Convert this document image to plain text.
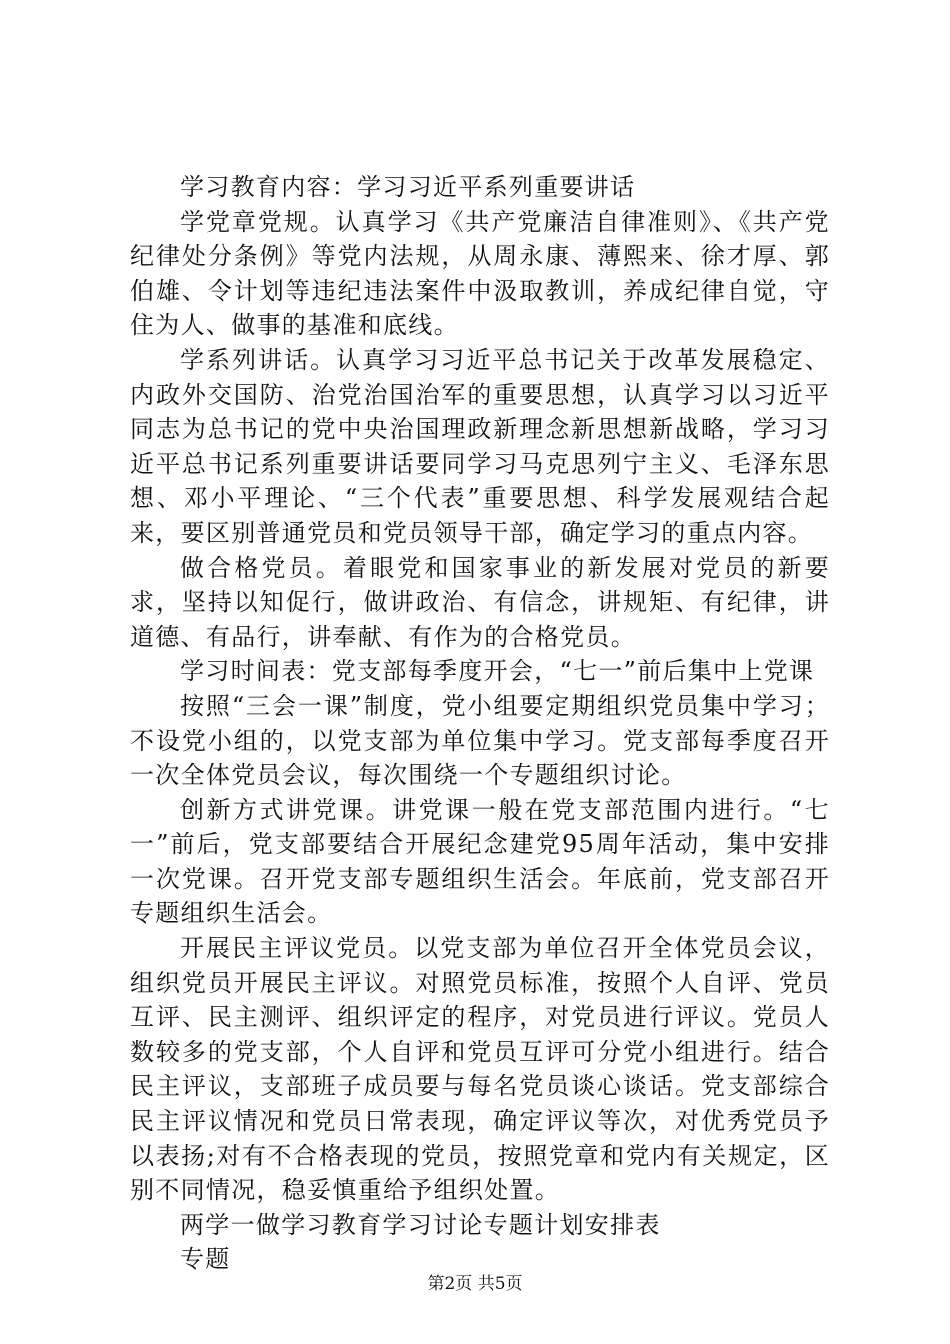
学习教育内容：学习习近平系列重要讲话

学党章党规。认真学习《共产党廉洁自律准则》、《共产党纪律处分条例》等党内法规，从周永康、薄熙来、徐才厚、郭伯雄、令计划等违纪违法案件中汲取教训，养成纪律自觉，守住为人、做事的基准和底线。

学系列讲话。认真学习习近平总书记关于改革发展稳定、内政外交国防、治党治国治军的重要思想，认真学习以习近平同志为总书记的党中央治国理政新理念新思想新战略，学习习近平总书记系列重要讲话要同学习马克思列宁主义、毛泽东思想、邓小平理论、“三个代表”重要思想、科学发展观结合起来，要区别普通党员和党员领导干部，确定学习的重点内容。

做合格党员。着眼党和国家事业的新发展对党员的新要求，坚持以知促行，做讲政治、有信念，讲规矩、有纪律，讲道德、有品行，讲奉献、有作为的合格党员。

学习时间表：党支部每季度开会，“七一”前后集中上党课

按照“三会一课”制度，党小组要定期组织党员集中学习；不设党小组的，以党支部为单位集中学习。党支部每季度召开一次全体党员会议，每次围绕一个专题组织讨论。

创新方式讲党课。讲党课一般在党支部范围内进行。“七一”前后，党支部要结合开展纪念建党95周年活动，集中安排一次党课。召开党支部专题组织生活会。年底前，党支部召开专题组织生活会。

开展民主评议党员。以党支部为单位召开全体党员会议，组织党员开展民主评议。对照党员标准，按照个人自评、党员互评、民主测评、组织评定的程序，对党员进行评议。党员人数较多的党支部，个人自评和党员互评可分党小组进行。结合民主评议，支部班子成员要与每名党员谈心谈话。党支部综合民主评议情况和党员日常表现，确定评议等次，对优秀党员予以表扬;对有不合格表现的党员，按照党章和党内有关规定，区别不同情况，稳妥慎重给予组织处置。

两学一做学习教育学习讨论专题计划安排表

专题

第2页 共5页
